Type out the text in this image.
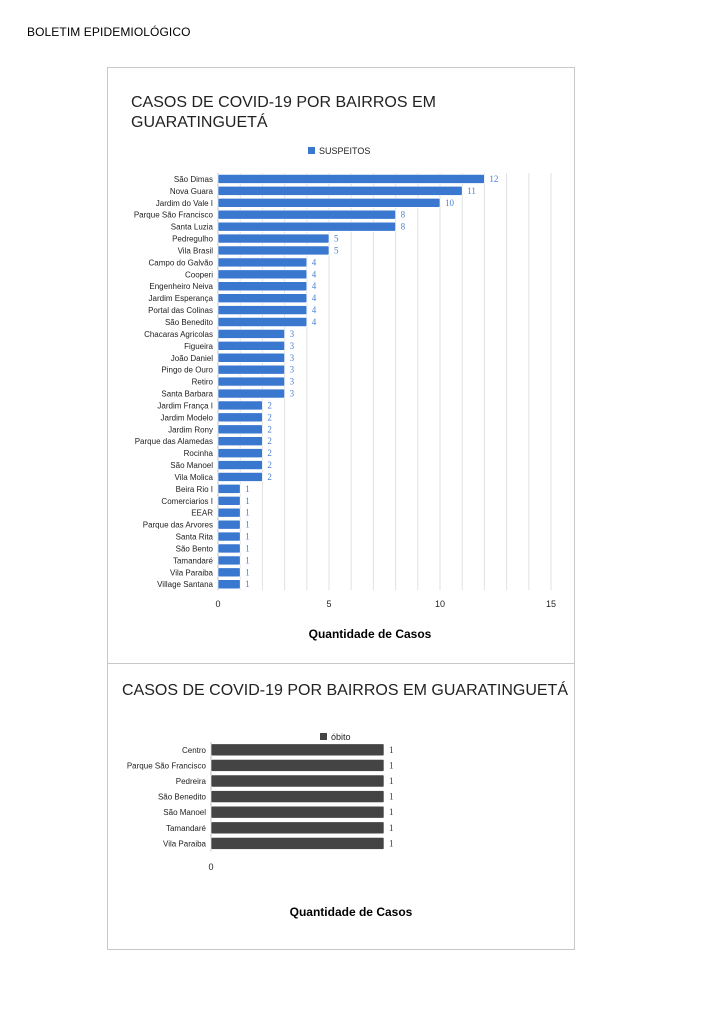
BOLETIM EPIDEMIOLÓGICO
CASOS DE COVID-19 POR BAIRROS EM
GUARATINGUETÁ
SUSPEITOS
São Dimas	12
Nova Guara	11
Jardim do Vale I	10
Parque São Francisco	8
Santa Luzia	8
Pedregulho	5
Vila Brasil	5
Campo do Galvão	4
Cooperi	4
Engenheiro Neiva	4
Jardim Esperança	4
Portal das Colinas	4
São Benedito	4
Chacaras Agricolas	3
Figueira	3
João Daniel	3
Pingo de Ouro	3
Retiro	3
Santa Barbara	3
Jardim França I	2
Jardim Modelo	2
Jardim Rony	2
Parque das Alamedas	2
Rocinha	2
São Manoel	2
Vila Molica	2
Beira Rio I	1
Comerciarios I	1
EEAR	1
Parque das Arvores	1
Santa Rita	1
São Bento	1
Tamandaré	1
Vila Paraiba	1
Village Santana	1
0	5	10	15
Quantidade de Casos
CASOS DE COVID-19 POR BAIRROS EM GUARATINGUETÁ
óbito
Centro	1
Parque São Francisco	1
Pedreira	1
São Benedito	1
São Manoel	1
Tamandaré	1
Vila Paraiba	1
0
Quantidade de Casos
